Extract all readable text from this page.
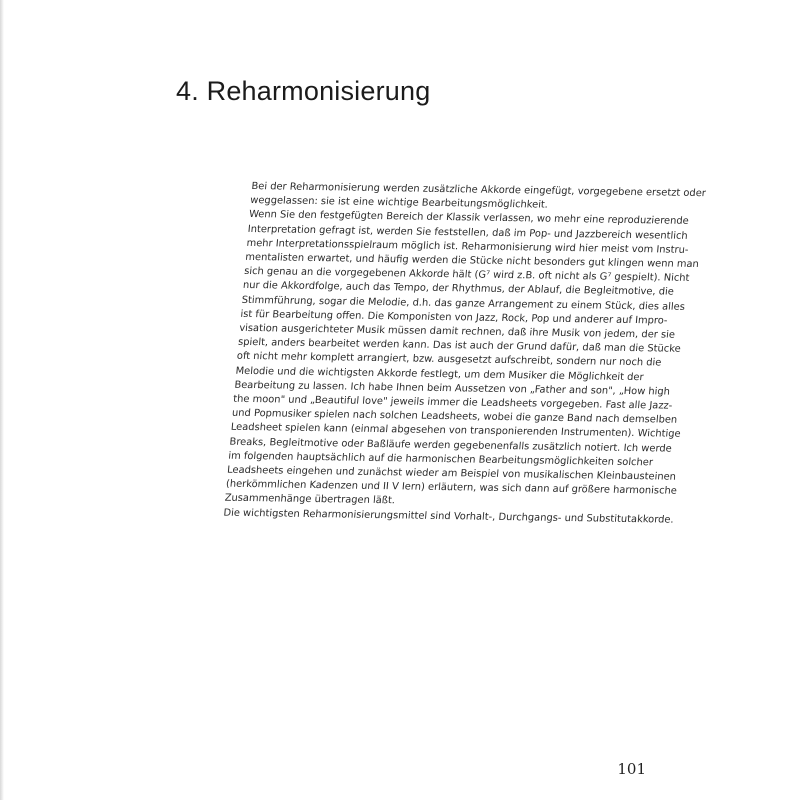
4. Reharmonisierung
Bei der Reharmonisierung werden zusätzliche Akkorde eingefügt, vorgegebene ersetzt oder
weggelassen: sie ist eine wichtige Bearbeitungsmöglichkeit.
Wenn Sie den festgefügten Bereich der Klassik verlassen, wo mehr eine reproduzierende
Interpretation gefragt ist, werden Sie feststellen, daß im Pop- und Jazzbereich wesentlich
mehr Interpretationsspielraum möglich ist. Reharmonisierung wird hier meist vom Instru-
mentalisten erwartet, und häufig werden die Stücke nicht besonders gut klingen wenn man
sich genau an die vorgegebenen Akkorde hält (G⁷ wird z.B. oft nicht als G⁷ gespielt). Nicht
nur die Akkordfolge, auch das Tempo, der Rhythmus, der Ablauf, die Begleitmotive, die
Stimmführung, sogar die Melodie, d.h. das ganze Arrangement zu einem Stück, dies alles
ist für Bearbeitung offen. Die Komponisten von Jazz, Rock, Pop und anderer auf Impro-
visation ausgerichteter Musik müssen damit rechnen, daß ihre Musik von jedem, der sie
spielt, anders bearbeitet werden kann. Das ist auch der Grund dafür, daß man die Stücke
oft nicht mehr komplett arrangiert, bzw. ausgesetzt aufschreibt, sondern nur noch die
Melodie und die wichtigsten Akkorde festlegt, um dem Musiker die Möglichkeit der
Bearbeitung zu lassen. Ich habe Ihnen beim Aussetzen von „Father and son", „How high
the moon" und „Beautiful love" jeweils immer die Leadsheets vorgegeben. Fast alle Jazz-
und Popmusiker spielen nach solchen Leadsheets, wobei die ganze Band nach demselben
Leadsheet spielen kann (einmal abgesehen von transponierenden Instrumenten). Wichtige
Breaks, Begleitmotive oder Baßläufe werden gegebenenfalls zusätzlich notiert. Ich werde
im folgenden hauptsächlich auf die harmonischen Bearbeitungsmöglichkeiten solcher
Leadsheets eingehen und zunächst wieder am Beispiel von musikalischen Kleinbausteinen
(herkömmlichen Kadenzen und II V Iern) erläutern, was sich dann auf größere harmonische
Zusammenhänge übertragen läßt.
Die wichtigsten Reharmonisierungsmittel sind Vorhalt-, Durchgangs- und Substitutakkorde.
101
